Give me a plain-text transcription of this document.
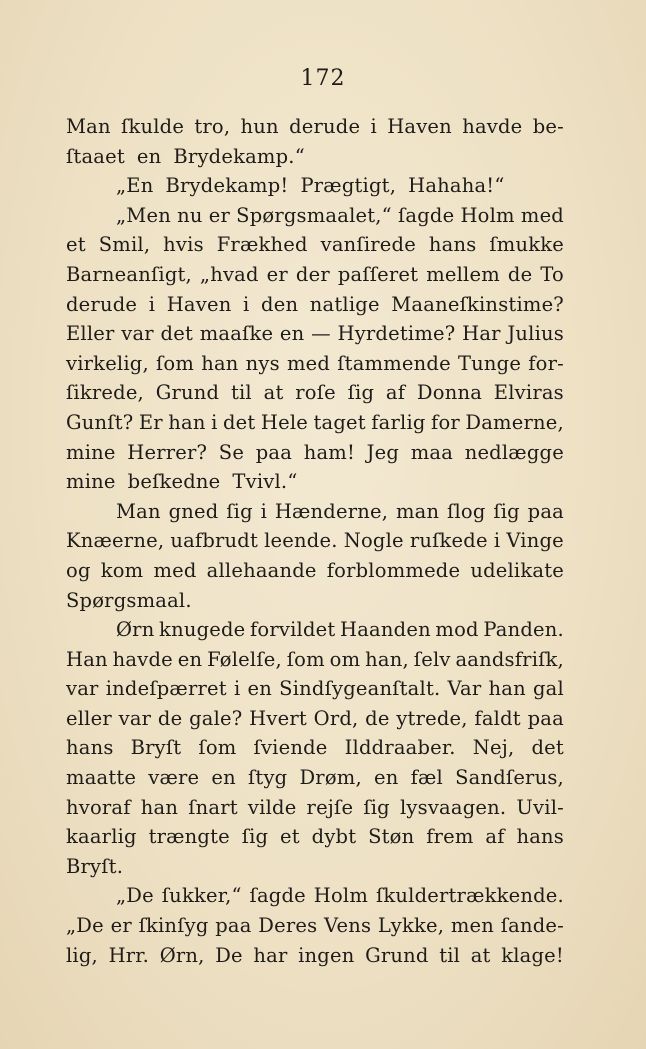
172
Man ſkulde tro, hun derude i Haven havde be-
ſtaaet en Brydekamp.“
„En Brydekamp! Prægtigt, Hahaha!“
„Men nu er Spørgsmaalet,“ ſagde Holm med
et Smil, hvis Frækhed vanſirede hans ſmukke
Barneanſigt, „hvad er der paſſeret mellem de To
derude i Haven i den natlige Maaneſkinstime?
Eller var det maaſke en — Hyrdetime? Har Julius
virkelig, ſom han nys med ſtammende Tunge for-
ſikrede, Grund til at roſe ſig af Donna Elviras
Gunſt? Er han i det Hele taget farlig for Damerne,
mine Herrer? Se paa ham! Jeg maa nedlægge
mine beſkedne Tvivl.“
Man gned ſig i Hænderne, man ſlog ſig paa
Knæerne, uafbrudt leende. Nogle ruſkede i Vinge
og kom med allehaande forblommede udelikate
Spørgsmaal.
Ørn knugede forvildet Haanden mod Panden.
Han havde en Følelſe, ſom om han, ſelv aandsfriſk,
var indeſpærret i en Sindſygeanſtalt. Var han gal
eller var de gale? Hvert Ord, de ytrede, faldt paa
hans Bryſt ſom ſviende Ilddraaber. Nej, det
maatte være en ſtyg Drøm, en fæl Sandſerus,
hvoraf han ſnart vilde rejſe ſig lysvaagen. Uvil-
kaarlig trængte ſig et dybt Støn frem af hans
Bryſt.
„De ſukker,“ ſagde Holm ſkuldertrækkende.
„De er ſkinſyg paa Deres Vens Lykke, men ſande-
lig, Hrr. Ørn, De har ingen Grund til at klage!
